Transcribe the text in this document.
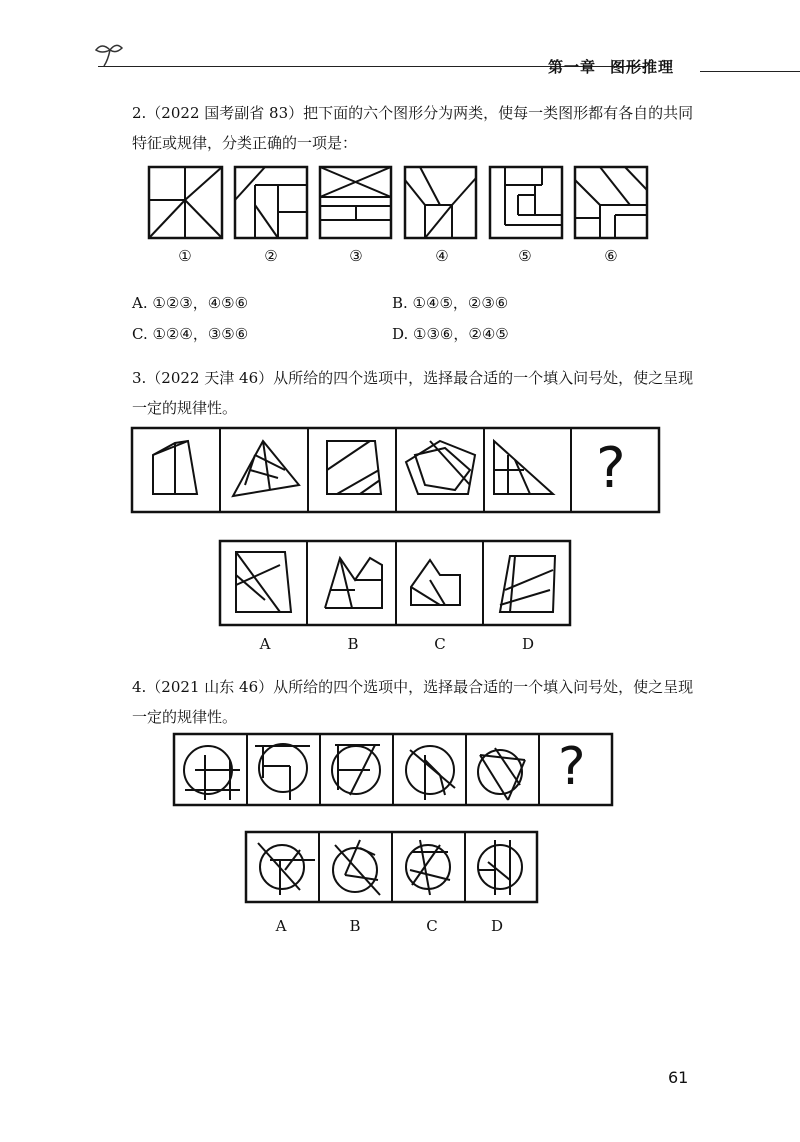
第一章 图形推理
2.（2022 国考副省 83）把下面的六个图形分为两类，使每一类图形都有各自的共同特征或规律，分类正确的一项是：
①	②	③	④	⑤	⑥
A. ①②③，④⑤⑥	B. ①④⑤，②③⑥
C. ①②④，③⑤⑥	D. ①③⑥，②④⑤
3.（2022 天津 46）从所给的四个选项中，选择最合适的一个填入问号处，使之呈现一定的规律性。
?
A	B	C	D
4.（2021 山东 46）从所给的四个选项中，选择最合适的一个填入问号处，使之呈现一定的规律性。
?
A	B	C	D
61
